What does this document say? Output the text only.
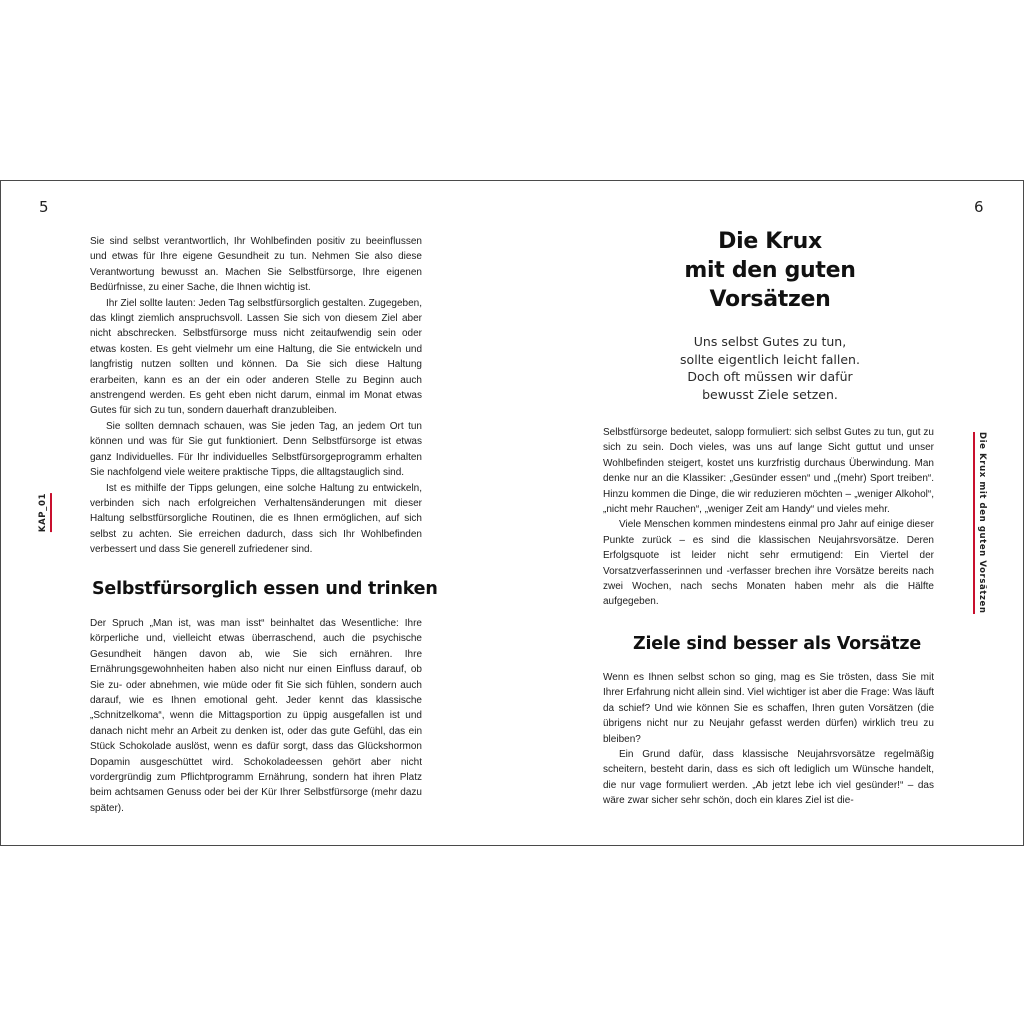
5	6
KAP_01	Die Krux mit den guten Vorsätzen

Sie sind selbst verantwortlich, Ihr Wohlbefinden positiv zu beeinflussen und etwas für Ihre eigene Gesundheit zu tun. Nehmen Sie also diese Verantwortung bewusst an. Machen Sie Selbstfürsorge, Ihre eigenen Bedürfnisse, zu einer Sache, die Ihnen wichtig ist.

Ihr Ziel sollte lauten: Jeden Tag selbstfürsorglich gestalten. Zugegeben, das klingt ziemlich anspruchsvoll. Lassen Sie sich von diesem Ziel aber nicht abschrecken. Selbstfürsorge muss nicht zeitaufwendig sein oder etwas kosten. Es geht vielmehr um eine Haltung, die Sie entwickeln und langfristig nutzen sollten und können. Da Sie sich diese Haltung erarbeiten, kann es an der ein oder anderen Stelle zu Beginn auch anstrengend werden. Es geht eben nicht darum, einmal im Monat etwas Gutes für sich zu tun, sondern dauerhaft dranzubleiben.

Sie sollten demnach schauen, was Sie jeden Tag, an jedem Ort tun können und was für Sie gut funktioniert. Denn Selbstfürsorge ist etwas ganz Individuelles. Für Ihr individuelles Selbstfürsorgeprogramm erhalten Sie nachfolgend viele weitere praktische Tipps, die alltagstauglich sind.

Ist es mithilfe der Tipps gelungen, eine solche Haltung zu entwickeln, verbinden sich nach erfolgreichen Verhaltensänderungen mit dieser Haltung selbstfürsorgliche Routinen, die es Ihnen ermöglichen, auf sich selbst zu achten. Sie erreichen dadurch, dass sich Ihr Wohlbefinden verbessert und dass Sie generell zufriedener sind.

Selbstfürsorglich essen und trinken

Der Spruch „Man ist, was man isst“ beinhaltet das Wesentliche: Ihre körperliche und, vielleicht etwas überraschend, auch die psychische Gesundheit hängen davon ab, wie Sie sich ernähren. Ihre Ernährungsgewohnheiten haben also nicht nur einen Einfluss darauf, ob Sie zu- oder abnehmen, wie müde oder fit Sie sich fühlen, sondern auch darauf, wie es Ihnen emotional geht. Jeder kennt das klassische „Schnitzelkoma“, wenn die Mittagsportion zu üppig ausgefallen ist und danach nicht mehr an Arbeit zu denken ist, oder das gute Gefühl, das ein Stück Schokolade auslöst, wenn es dafür sorgt, dass das Glückshormon Dopamin ausgeschüttet wird. Schokoladeessen gehört aber nicht vordergründig zum Pflichtprogramm Ernährung, sondern hat ihren Platz beim achtsamen Genuss oder bei der Kür Ihrer Selbstfürsorge (mehr dazu später).

Die Krux
mit den guten
Vorsätzen
Uns selbst Gutes zu tun,
sollte eigentlich leicht fallen.
Doch oft müssen wir dafür
bewusst Ziele setzen.

Selbstfürsorge bedeutet, salopp formuliert: sich selbst Gutes zu tun, gut zu sich zu sein. Doch vieles, was uns auf lange Sicht guttut und unser Wohlbefinden steigert, kostet uns kurzfristig durchaus Überwindung. Man denke nur an die Klassiker: „Gesünder essen“ und „(mehr) Sport treiben“. Hinzu kommen die Dinge, die wir reduzieren möchten – „weniger Alkohol“, „nicht mehr Rauchen“, „weniger Zeit am Handy“ und vieles mehr.

Viele Menschen kommen mindestens einmal pro Jahr auf einige dieser Punkte zurück – es sind die klassischen Neujahrsvorsätze. Deren Erfolgsquote ist leider nicht sehr ermutigend: Ein Viertel der Vorsatzverfasserinnen und -verfasser brechen ihre Vorsätze bereits nach zwei Wochen, nach sechs Monaten haben mehr als die Hälfte aufgegeben.

Ziele sind besser als Vorsätze

Wenn es Ihnen selbst schon so ging, mag es Sie trösten, dass Sie mit Ihrer Erfahrung nicht allein sind. Viel wichtiger ist aber die Frage: Was läuft da schief? Und wie können Sie es schaffen, Ihren guten Vorsätzen (die übrigens nicht nur zu Neujahr gefasst werden dürfen) wirklich treu zu bleiben?

Ein Grund dafür, dass klassische Neujahrsvorsätze regelmäßig scheitern, besteht darin, dass es sich oft lediglich um Wünsche handelt, die nur vage formuliert werden. „Ab jetzt lebe ich viel gesünder!“ – das wäre zwar sicher sehr schön, doch ein klares Ziel ist die-
